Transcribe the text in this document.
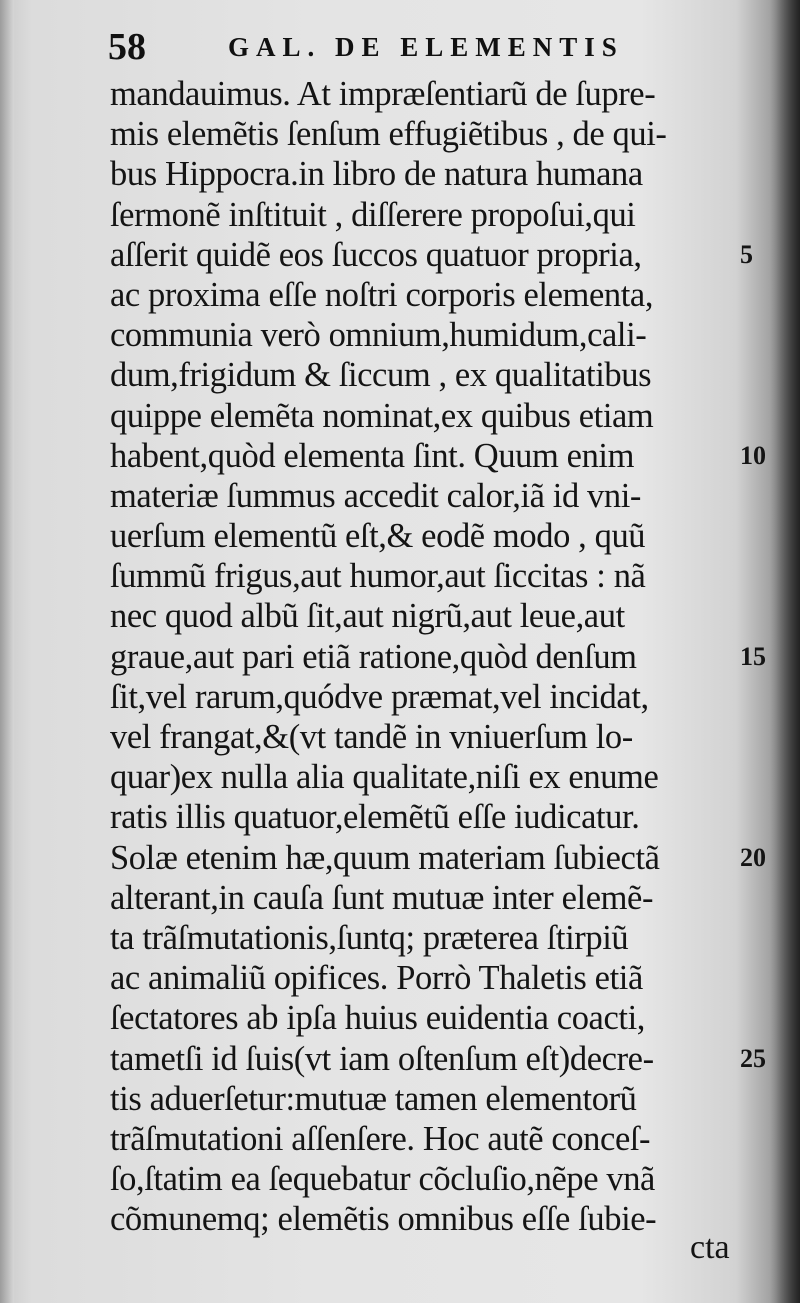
58	GAL. DE ELEMENTIS
mandauimus. At impræſentiarũ de ſupre-
mis elemẽtis ſenſum effugiẽtibus , de qui-
bus Hippocra.in libro de natura humana
ſermonẽ inſtituit , diſſerere propoſui,qui
aſſerit quidẽ eos ſuccos quatuor propria,
ac proxima eſſe noſtri corporis elementa,
communia verò omnium,humidum,cali-
dum,frigidum & ſiccum , ex qualitatibus
quippe elemẽta nominat,ex quibus etiam
habent,quòd elementa ſint. Quum enim
materiæ ſummus accedit calor,iã id vni-
uerſum elementũ eſt,& eodẽ modo , quũ
ſummũ frigus,aut humor,aut ſiccitas : nã
nec quod albũ ſit,aut nigrũ,aut leue,aut
graue,aut pari etiã ratione,quòd denſum
ſit,vel rarum,quódve præmat,vel incidat,
vel frangat,&(vt tandẽ in vniuerſum lo-
quar)ex nulla alia qualitate,niſi ex enume
ratis illis quatuor,elemẽtũ eſſe iudicatur.
Solæ etenim hæ,quum materiam ſubiectã
alterant,in cauſa ſunt mutuæ inter elemẽ-
ta trãſmutationis,ſuntq; præterea ſtirpiũ
ac animaliũ opifices. Porrò Thaletis etiã
ſectatores ab ipſa huius euidentia coacti,
tametſi id ſuis(vt iam oſtenſum eſt)decre-
tis aduerſetur:mutuæ tamen elementorũ
trãſmutationi aſſenſere. Hoc autẽ conceſ-
ſo,ſtatim ea ſequebatur cõcluſio,nẽpe vnã
cõmunemq; elemẽtis omnibus eſſe ſubie-
5
10
15
20
25
cta
